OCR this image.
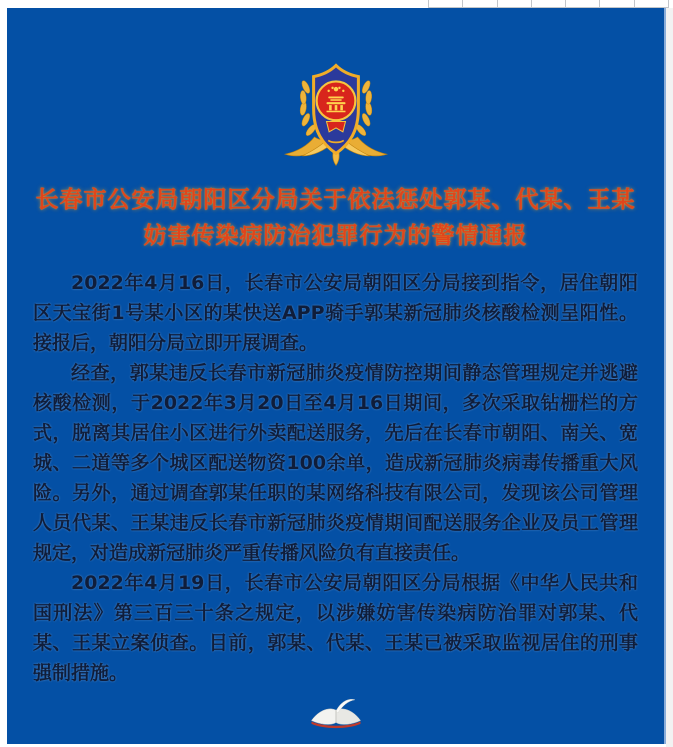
长春市公安局朝阳区分局关于依法惩处郭某、代某、王某
妨害传染病防治犯罪行为的警情通报

2022年4月16日，长春市公安局朝阳区分局接到指令，居住朝阳区天宝街1号某小区的某快送APP骑手郭某新冠肺炎核酸检测呈阳性。接报后，朝阳分局立即开展调查。

经查，郭某违反长春市新冠肺炎疫情防控期间静态管理规定并逃避核酸检测，于2022年3月20日至4月16日期间，多次采取钻栅栏的方式，脱离其居住小区进行外卖配送服务，先后在长春市朝阳、南关、宽城、二道等多个城区配送物资100余单，造成新冠肺炎病毒传播重大风险。另外，通过调查郭某任职的某网络科技有限公司，发现该公司管理人员代某、王某违反长春市新冠肺炎疫情期间配送服务企业及员工管理规定，对造成新冠肺炎严重传播风险负有直接责任。

2022年4月19日，长春市公安局朝阳区分局根据《中华人民共和国刑法》第三百三十条之规定，以涉嫌妨害传染病防治罪对郭某、代某、王某立案侦查。目前，郭某、代某、王某已被采取监视居住的刑事强制措施。
